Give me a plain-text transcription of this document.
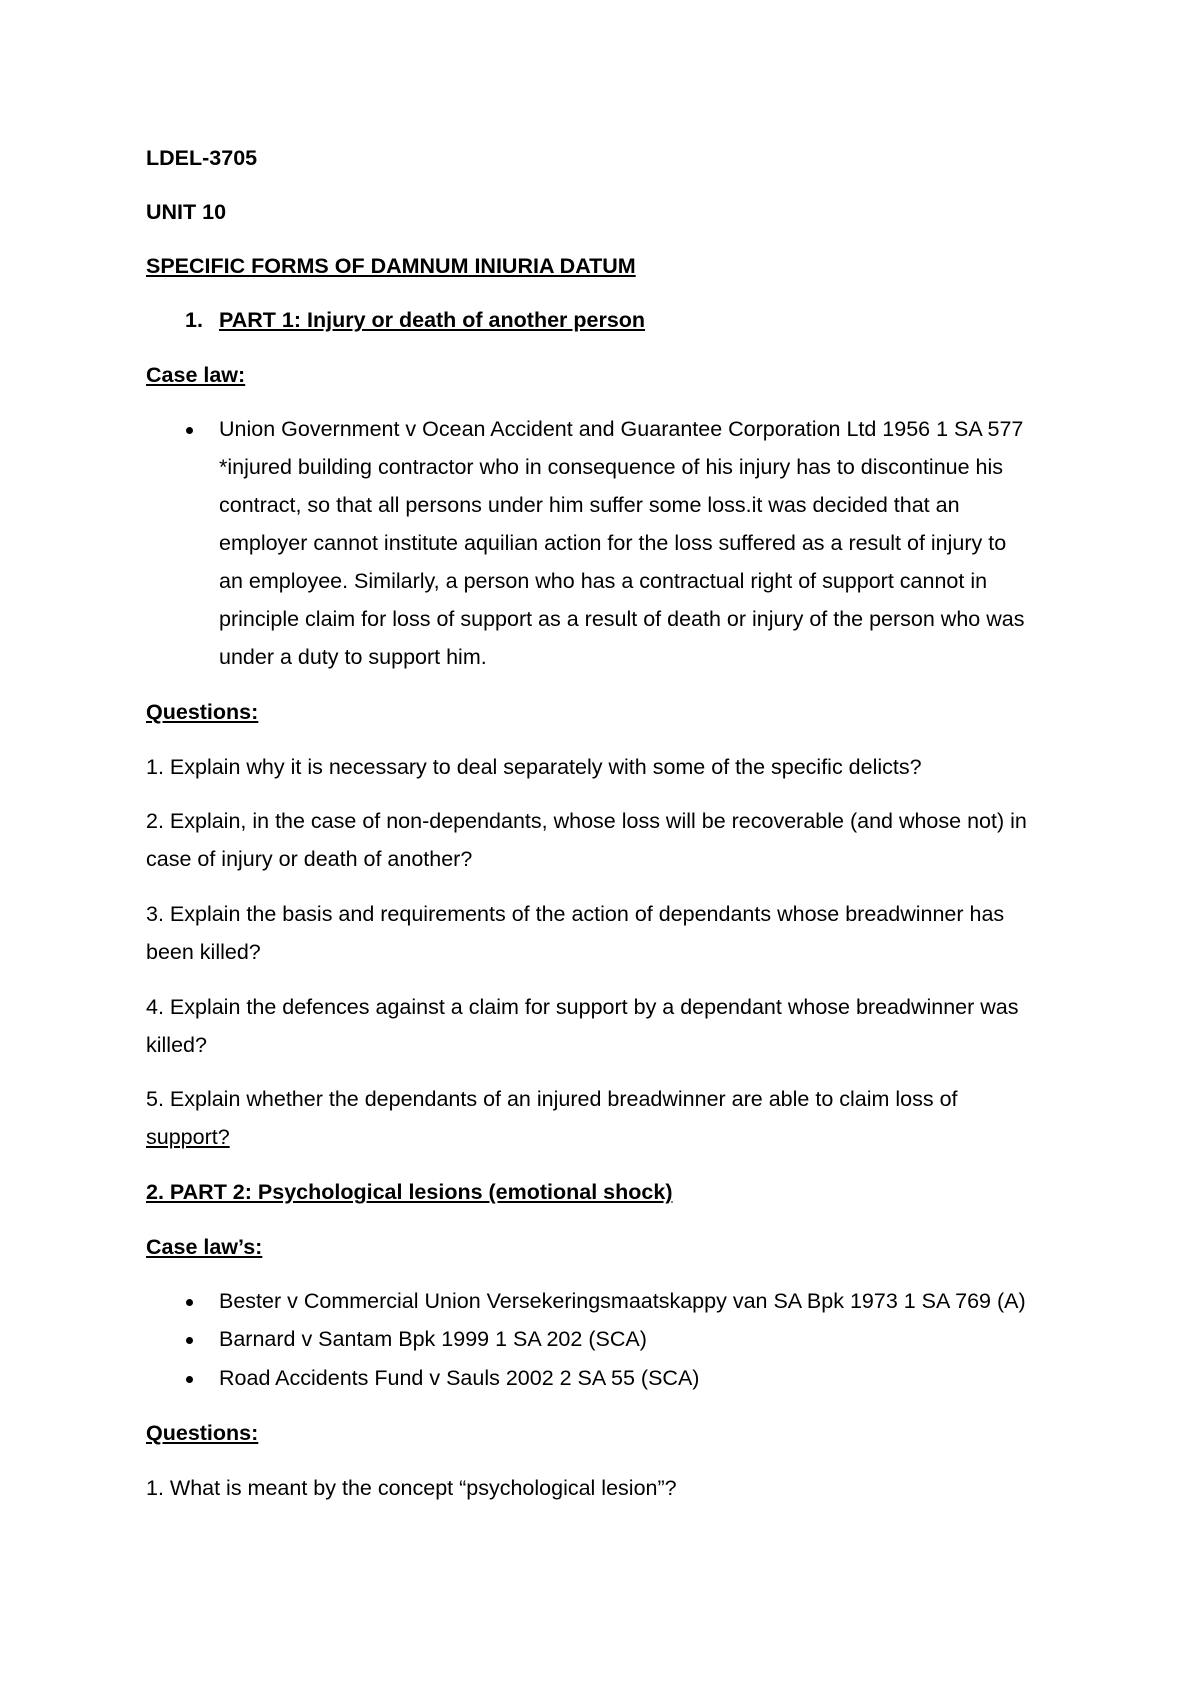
LDEL-3705
UNIT 10
SPECIFIC FORMS OF DAMNUM INIURIA DATUM
1. PART 1: Injury or death of another person
Case law:
Union Government v Ocean Accident and Guarantee Corporation Ltd 1956 1 SA 577
*injured building contractor who in consequence of his injury has to discontinue his
contract, so that all persons under him suffer some loss.it was decided that an
employer cannot institute aquilian action for the loss suffered as a result of injury to
an employee. Similarly, a person who has a contractual right of support cannot in
principle claim for loss of support as a result of death or injury of the person who was
under a duty to support him.
Questions:
1. Explain why it is necessary to deal separately with some of the specific delicts?
2. Explain, in the case of non-dependants, whose loss will be recoverable (and whose not) in
case of injury or death of another?
3. Explain the basis and requirements of the action of dependants whose breadwinner has
been killed?
4. Explain the defences against a claim for support by a dependant whose breadwinner was
killed?
5. Explain whether the dependants of an injured breadwinner are able to claim loss of
support?
2. PART 2: Psychological lesions (emotional shock)
Case law’s:
Bester v Commercial Union Versekeringsmaatskappy van SA Bpk 1973 1 SA 769 (A)
Barnard v Santam Bpk 1999 1 SA 202 (SCA)
Road Accidents Fund v Sauls 2002 2 SA 55 (SCA)
Questions:
1. What is meant by the concept “psychological lesion”?
